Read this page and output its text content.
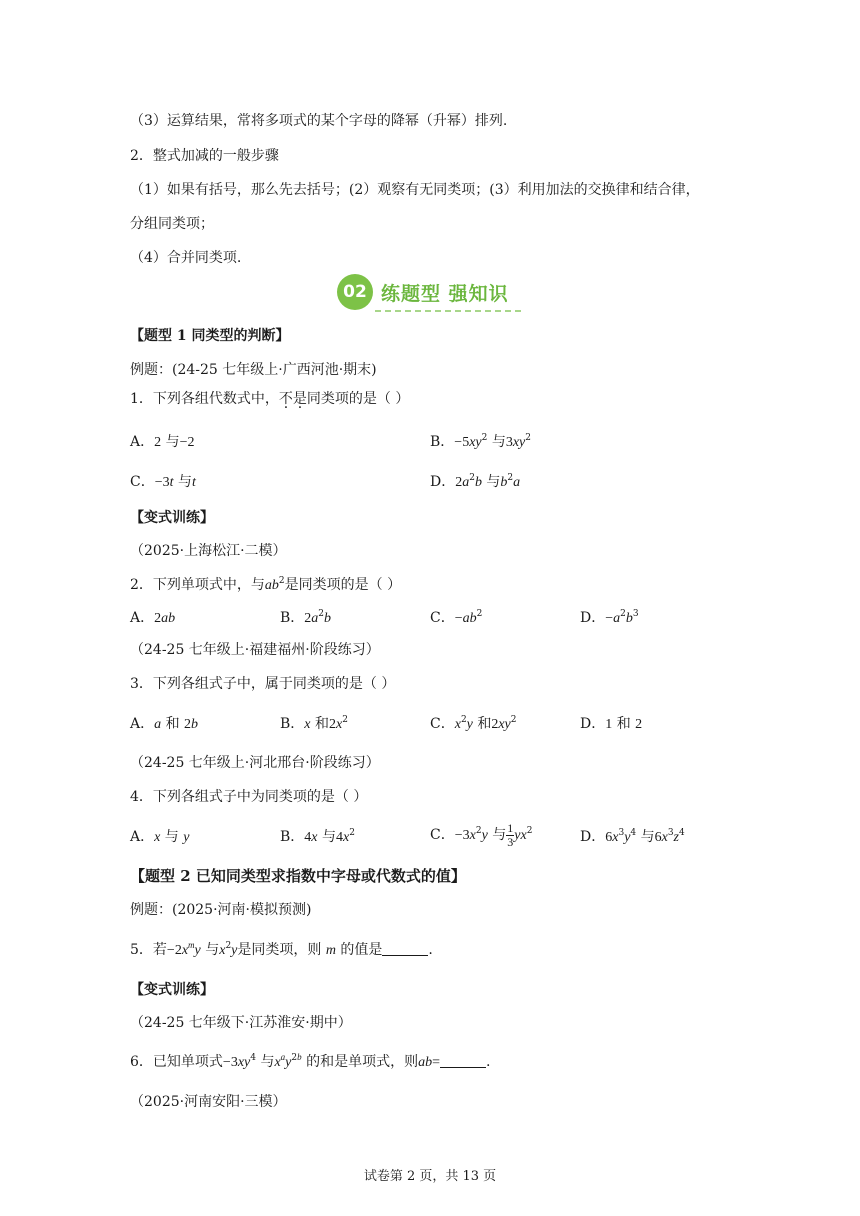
（3）运算结果，常将多项式的某个字母的降幂（升幂）排列.
2．整式加减的一般步骤
（1）如果有括号，那么先去括号；(2）观察有无同类项；(3）利用加法的交换律和结合律，
分组同类项；
（4）合并同类项.
02 练题型 强知识
【题型 1 同类型的判断】
例题：(24-25 七年级上·广西河池·期末)
1．下列各组代数式中，不是同类项的是（ ）
A．2 与−2	B．$-5xy^2$ 与$3xy^2$
C．−3t 与t	D．$2a^2b$ 与$b^2a$
【变式训练】
（2025·上海松江·二模）
2．下列单项式中，与$ab^2$是同类项的是（ ）
A．2ab	B．$2a^2b$	C．$-ab^2$	D．$-a^2b^3$
（24-25 七年级上·福建福州·阶段练习）
3．下列各组式子中，属于同类项的是（ ）
A．a 和 2b	B．x 和$2x^2$	C．$x^2y$ 和$2xy^2$	D．1 和 2
（24-25 七年级上·河北邢台·阶段练习）
4．下列各组式子中为同类项的是（ ）
A．x 与 y	B．4x 与$4x^2$	C．$-3x^2y$ 与 $\frac{1}{3} yx^2$	D．$6x^3y^4$ 与$6x^3z^4$
【题型 2 已知同类型求指数中字母或代数式的值】
例题：(2025·河南·模拟预测)
5．若$-2x^my$ 与$x^2y$是同类项，则 m 的值是	.
【变式训练】
（24-25 七年级下·江苏淮安·期中）
6．已知单项式$-3xy^4$ 与$x^ay^{2b}$ 的和是单项式，则ab=	.
（2025·河南安阳·三模）
试卷第 2 页，共 13 页
